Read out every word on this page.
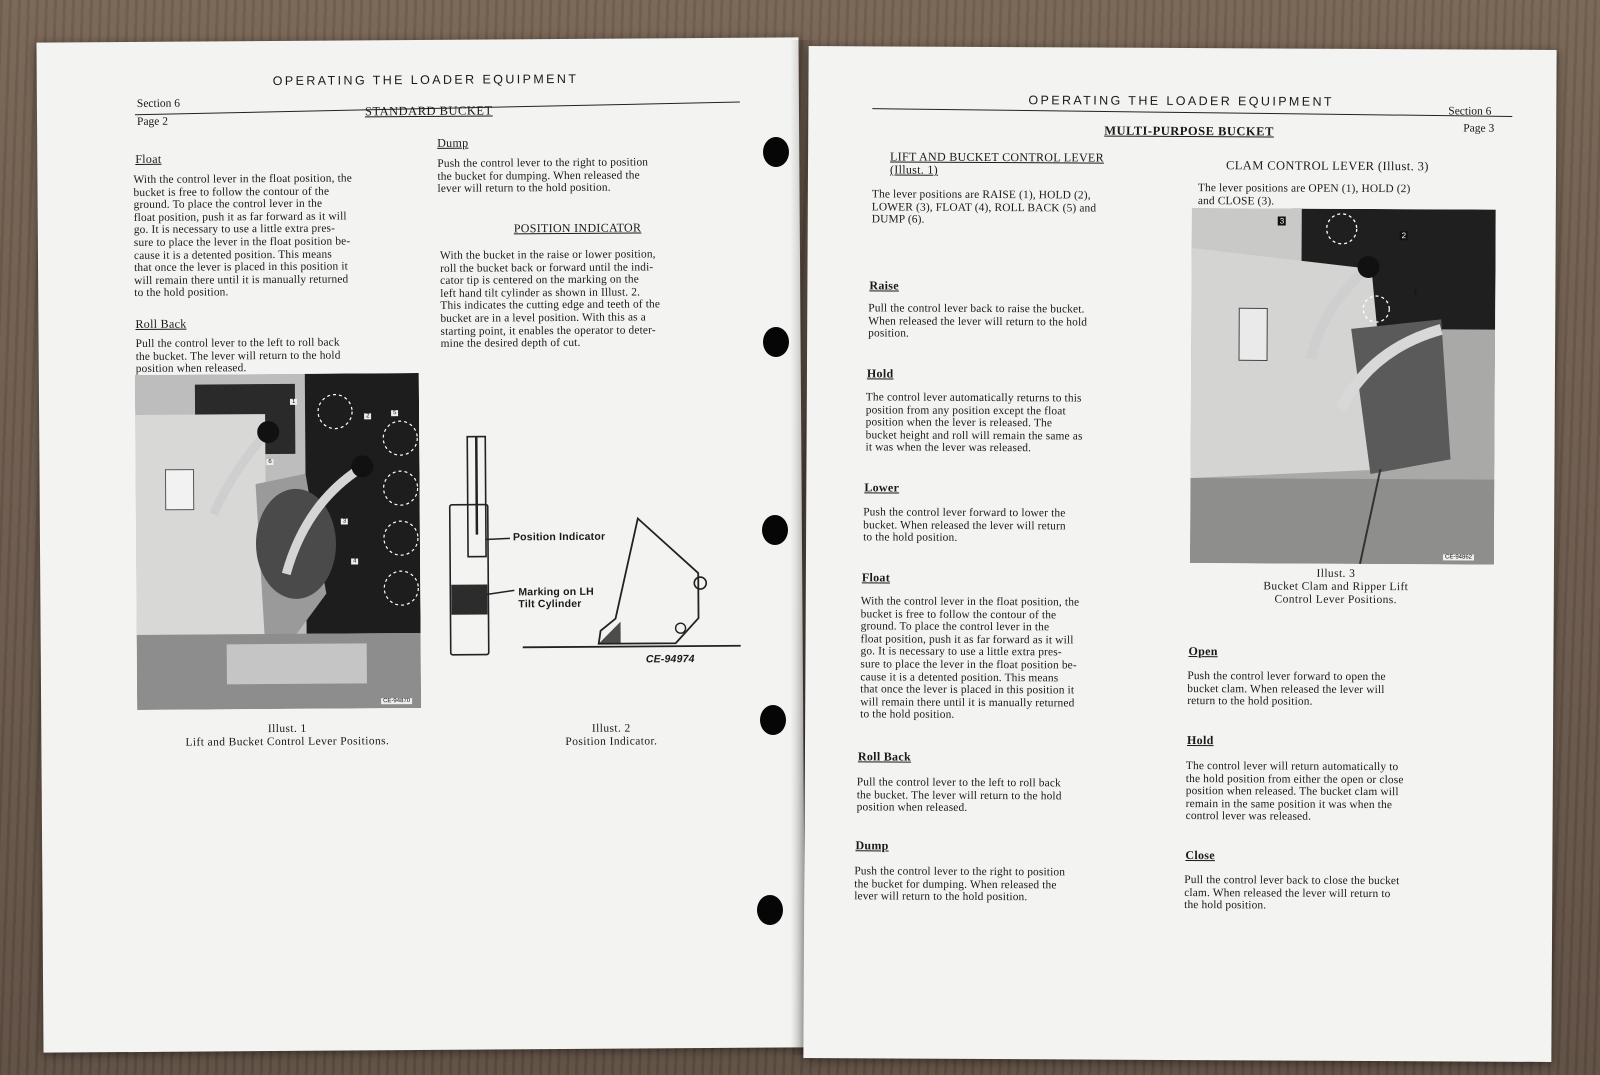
OPERATING THE LOADER EQUIPMENT
Section 6
Page 2
STANDARD BUCKET
Float
With the control lever in the float position, the
bucket is free to follow the contour of the
ground. To place the control lever in the
float position, push it as far forward as it will
go. It is necessary to use a little extra pres-
sure to place the lever in the float position be-
cause it is a detented position. This means
that once the lever is placed in this position it
will remain there until it is manually returned
to the hold position.
Roll Back
Pull the control lever to the left to roll back
the bucket. The lever will return to the hold
position when released.
1
2
5
6
3
4
CE-94870
Illust. 1
Lift and Bucket Control Lever Positions.
Dump
Push the control lever to the right to position
the bucket for dumping. When released the
lever will return to the hold position.
POSITION INDICATOR
With the bucket in the raise or lower position,
roll the bucket back or forward until the indi-
cator tip is centered on the marking on the
left hand tilt cylinder as shown in Illust. 2.
This indicates the cutting edge and teeth of the
bucket are in a level position. With this as a
starting point, it enables the operator to deter-
mine the desired depth of cut.
Position Indicator
Marking on LH
Tilt Cylinder
CE-94974
Illust. 2
Position Indicator.
OPERATING THE LOADER EQUIPMENT
Section 6
Page 3
MULTI-PURPOSE BUCKET
LIFT AND BUCKET CONTROL LEVER
(Illust. 1)
The lever positions are RAISE (1), HOLD (2),
LOWER (3), FLOAT (4), ROLL BACK (5) and
DUMP (6).
Raise
Pull the control lever back to raise the bucket.
When released the lever will return to the hold
position.
Hold
The control lever automatically returns to this
position from any position except the float
position when the lever is released. The
bucket height and roll will remain the same as
it was when the lever was released.
Lower
Push the control lever forward to lower the
bucket. When released the lever will return
to the hold position.
Float
With the control lever in the float position, the
bucket is free to follow the contour of the
ground. To place the control lever in the
float position, push it as far forward as it will
go. It is necessary to use a little extra pres-
sure to place the lever in the float position be-
cause it is a detented position. This means
that once the lever is placed in this position it
will remain there until it is manually returned
to the hold position.
Roll Back
Pull the control lever to the left to roll back
the bucket. The lever will return to the hold
position when released.
Dump
Push the control lever to the right to position
the bucket for dumping. When released the
lever will return to the hold position.
CLAM CONTROL LEVER (Illust. 3)
The lever positions are OPEN (1), HOLD (2)
and CLOSE (3).
3
2
1
CE-94862
Illust. 3
Bucket Clam and Ripper Lift
Control Lever Positions.
Open
Push the control lever forward to open the
bucket clam. When released the lever will
return to the hold position.
Hold
The control lever will return automatically to
the hold position from either the open or close
position when released. The bucket clam will
remain in the same position it was when the
control lever was released.
Close
Pull the control lever back to close the bucket
clam. When released the lever will return to
the hold position.
